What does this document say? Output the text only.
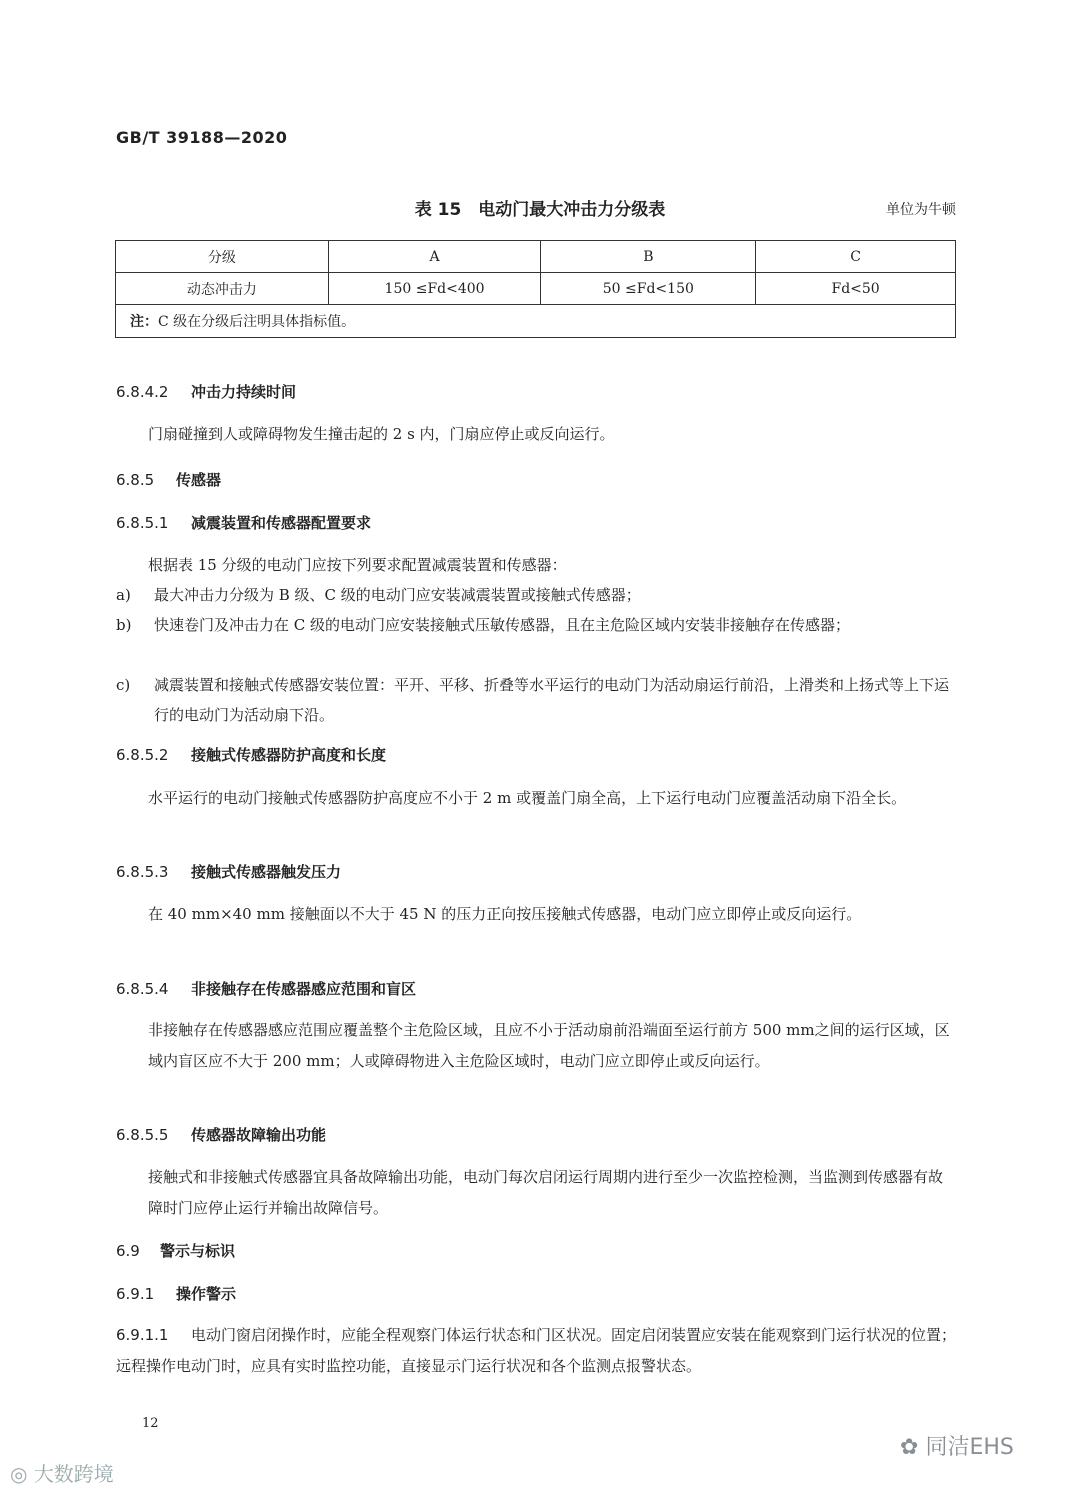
GB/T 39188—2020
表 15　电动门最大冲击力分级表	单位为牛顿
分级	A	B	C
动态冲击力	150 ≤Fd<400	50 ≤Fd<150	Fd<50
注：C 级在分级后注明具体指标值。			
6.8.4.2 冲击力持续时间
门扇碰撞到人或障碍物发生撞击起的 2 s 内，门扇应停止或反向运行。
6.8.5 传感器
6.8.5.1 减震装置和传感器配置要求
根据表 15 分级的电动门应按下列要求配置减震装置和传感器：
a) 最大冲击力分级为 B 级、C 级的电动门应安装减震装置或接触式传感器；
b) 快速卷门及冲击力在 C 级的电动门应安装接触式压敏传感器，且在主危险区域内安装非接触存在传感器；
c) 减震装置和接触式传感器安装位置：平开、平移、折叠等水平运行的电动门为活动扇运行前沿，上滑类和上扬式等上下运行的电动门为活动扇下沿。
6.8.5.2 接触式传感器防护高度和长度
水平运行的电动门接触式传感器防护高度应不小于 2 m 或覆盖门扇全高，上下运行电动门应覆盖活动扇下沿全长。
6.8.5.3 接触式传感器触发压力
在 40 mm×40 mm 接触面以不大于 45 N 的压力正向按压接触式传感器，电动门应立即停止或反向运行。
6.8.5.4 非接触存在传感器感应范围和盲区
非接触存在传感器感应范围应覆盖整个主危险区域，且应不小于活动扇前沿端面至运行前方 500 mm之间的运行区域，区域内盲区应不大于 200 mm；人或障碍物进入主危险区域时，电动门应立即停止或反向运行。
6.8.5.5 传感器故障输出功能
接触式和非接触式传感器宜具备故障输出功能，电动门每次启闭运行周期内进行至少一次监控检测，当监测到传感器有故障时门应停止运行并输出故障信号。
6.9 警示与标识
6.9.1 操作警示
6.9.1.1 电动门窗启闭操作时，应能全程观察门体运行状态和门区状况。固定启闭装置应安装在能观察到门运行状况的位置；远程操作电动门时，应具有实时监控功能，直接显示门运行状况和各个监测点报警状态。
12
◎ 大数跨境
✿ 同洁EHS
